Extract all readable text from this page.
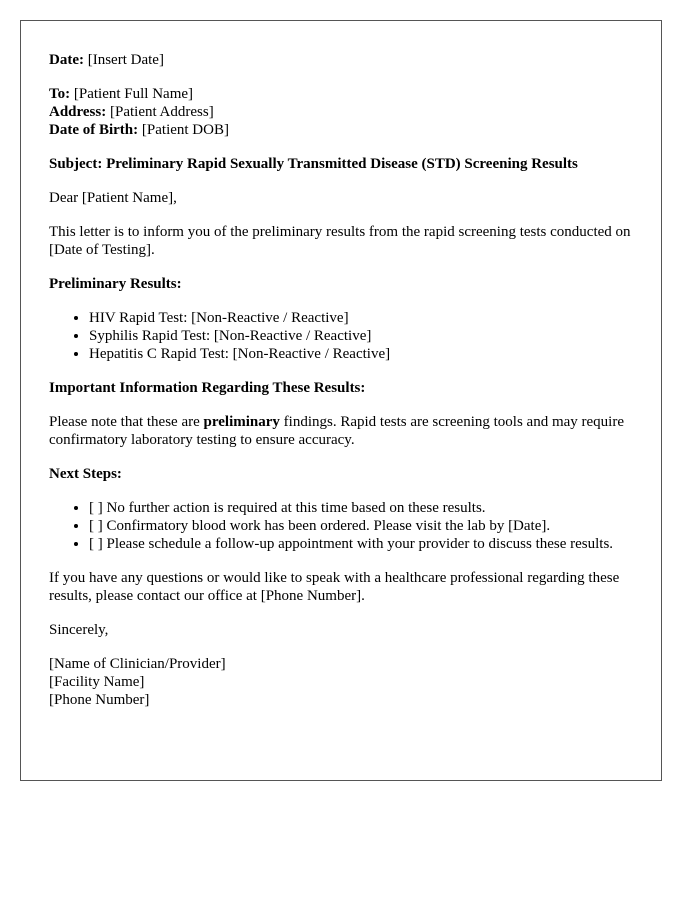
Date: [Insert Date]

To: [Patient Full Name]
Address: [Patient Address]
Date of Birth: [Patient DOB]

Subject: Preliminary Rapid Sexually Transmitted Disease (STD) Screening Results

Dear [Patient Name],

This letter is to inform you of the preliminary results from the rapid screening tests conducted on [Date of Testing].

Preliminary Results:

• HIV Rapid Test: [Non-Reactive / Reactive]
• Syphilis Rapid Test: [Non-Reactive / Reactive]
• Hepatitis C Rapid Test: [Non-Reactive / Reactive]

Important Information Regarding These Results:

Please note that these are preliminary findings. Rapid tests are screening tools and may require confirmatory laboratory testing to ensure accuracy.

Next Steps:

• [ ] No further action is required at this time based on these results.
• [ ] Confirmatory blood work has been ordered. Please visit the lab by [Date].
• [ ] Please schedule a follow-up appointment with your provider to discuss these results.

If you have any questions or would like to speak with a healthcare professional regarding these results, please contact our office at [Phone Number].

Sincerely,

[Name of Clinician/Provider]
[Facility Name]
[Phone Number]
